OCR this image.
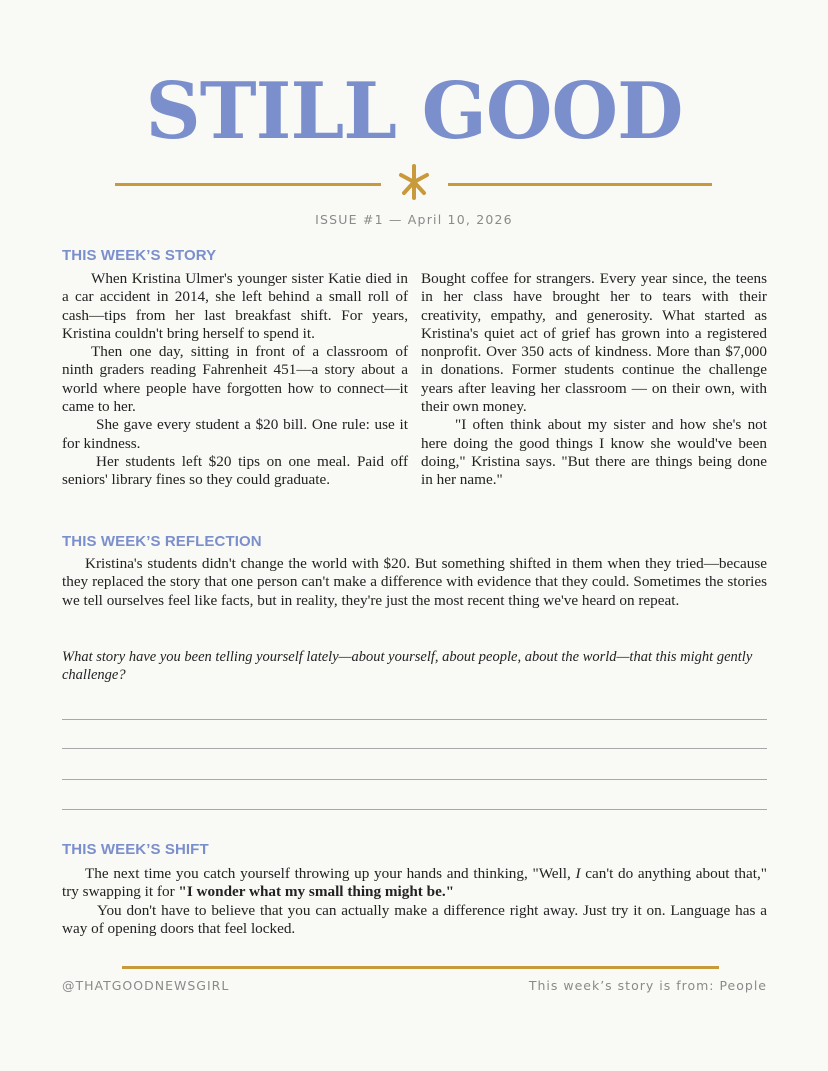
STILL GOOD
ISSUE #1 — April 10, 2026
THIS WEEK’S STORY

When Kristina Ulmer's younger sister Katie died in a car accident in 2014, she left behind a small roll of cash—tips from her last breakfast shift. For years, Kristina couldn't bring herself to spend it.

Then one day, sitting in front of a classroom of ninth graders reading Fahrenheit 451—a story about a world where people have forgotten how to connect—it came to her.

She gave every student a $20 bill. One rule: use it for kindness.

Her students left $20 tips on one meal. Paid off seniors' library fines so they could graduate.

Bought coffee for strangers. Every year since, the teens in her class have brought her to tears with their creativity, empathy, and generosity. What started as Kristina's quiet act of grief has grown into a registered nonprofit. Over 350 acts of kindness. More than $7,000 in donations. Former students continue the challenge years after leaving her classroom — on their own, with their own money.

"I often think about my sister and how she's not here doing the good things I know she would've been doing," Kristina says. "But there are things being done in her name."

THIS WEEK’S REFLECTION

Kristina's students didn't change the world with $20. But something shifted in them when they tried—because they replaced the story that one person can't make a difference with evidence that they could. Sometimes the stories we tell ourselves feel like facts, but in reality, they're just the most recent thing we've heard on repeat.

What story have you been telling yourself lately—about yourself, about people, about the world—that this might gently challenge?
THIS WEEK’S SHIFT

The next time you catch yourself throwing up your hands and thinking, "Well, I can't do anything about that," try swapping it for "I wonder what my small thing might be."

You don't have to believe that you can actually make a difference right away. Just try it on. Language has a way of opening doors that feel locked.

@THATGOODNEWSGIRL	This week’s story is from: People
